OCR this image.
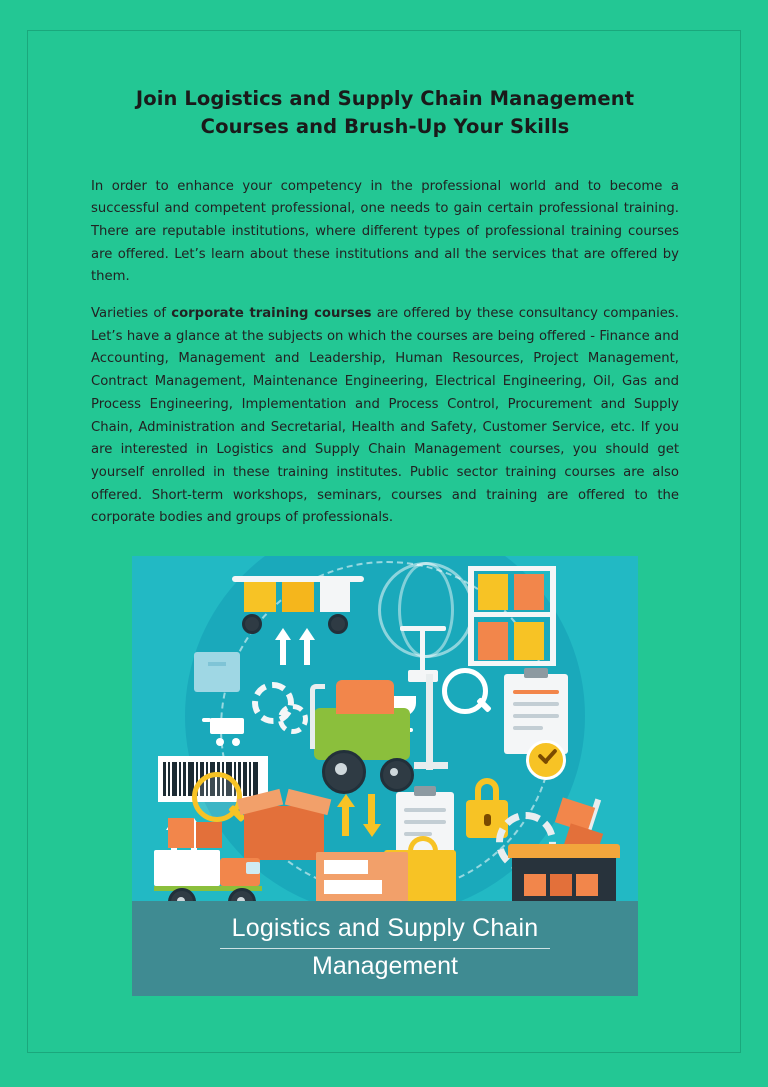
Join Logistics and Supply Chain Management
Courses and Brush-Up Your Skills

In order to enhance your competency in the professional world and to become a successful and competent professional, one needs to gain certain professional training. There are reputable institutions, where different types of professional training courses are offered. Let’s learn about these institutions and all the services that are offered by them.

Varieties of corporate training courses are offered by these consultancy companies. Let’s have a glance at the subjects on which the courses are being offered - Finance and Accounting, Management and Leadership, Human Resources, Project Management, Contract Management, Maintenance Engineering, Electrical Engineering, Oil, Gas and Process Engineering, Implementation and Process Control, Procurement and Supply Chain, Administration and Secretarial, Health and Safety, Customer Service, etc. If you are interested in Logistics and Supply Chain Management courses, you should get yourself enrolled in these training institutes. Public sector training courses are also offered. Short-term workshops, seminars, courses and training are offered to the corporate bodies and groups of professionals.

Logistics and Supply Chain
Management
